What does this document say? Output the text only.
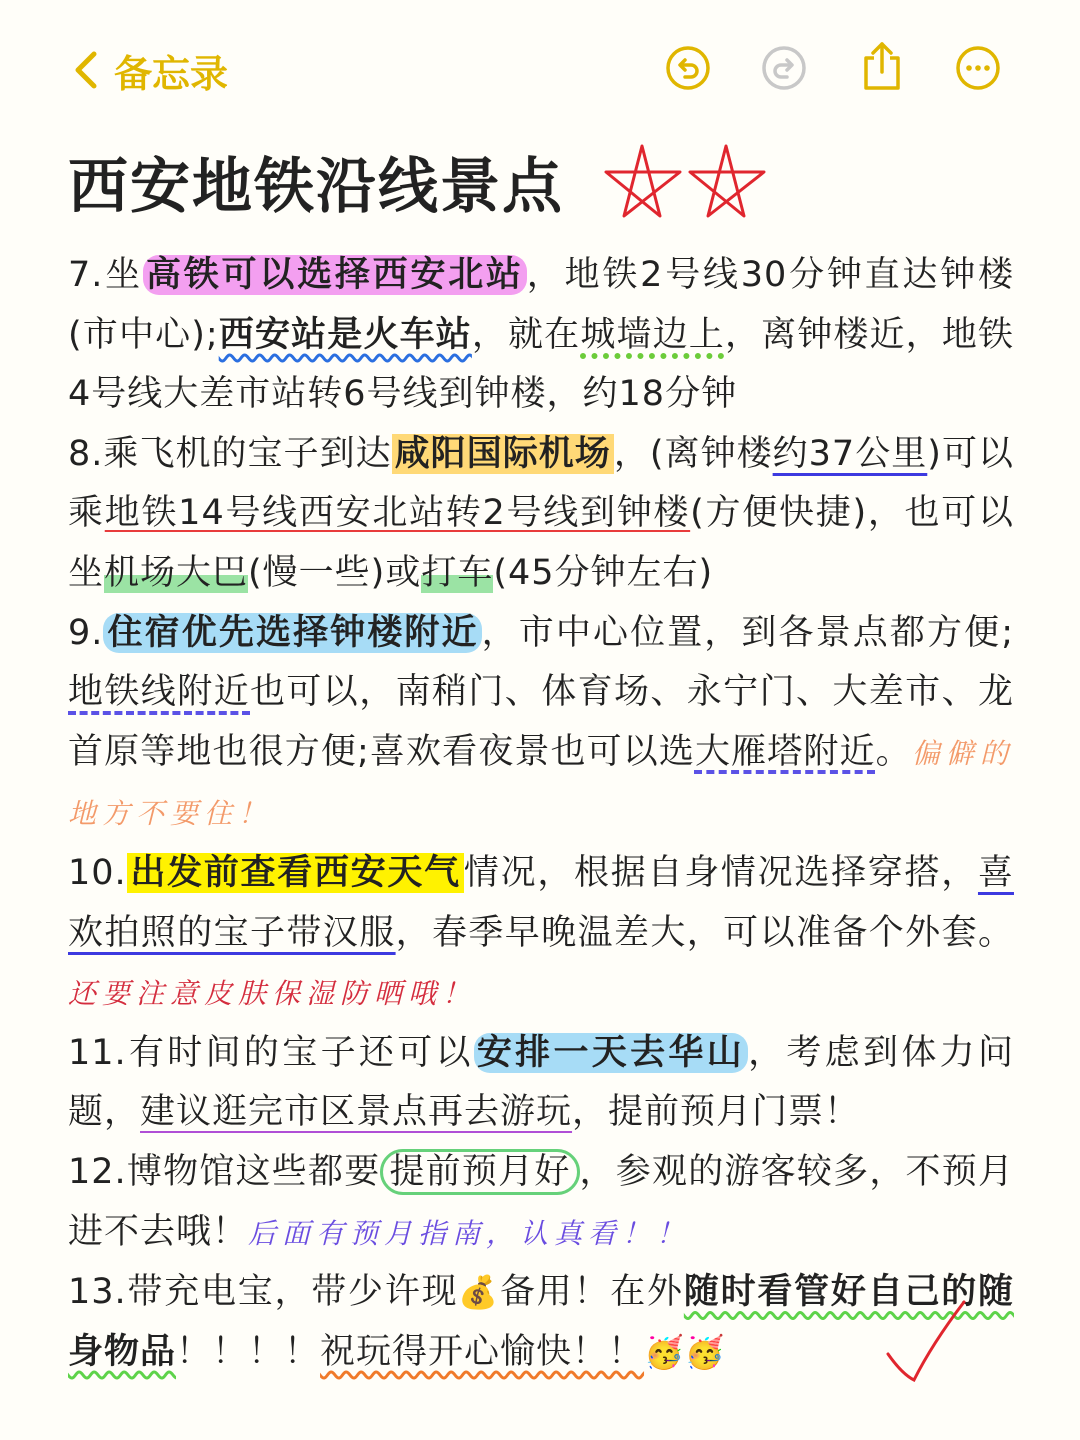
备忘录
西安地铁沿线景点

7.坐高铁可以选择西安北站，地铁2号线30分钟直达钟楼(市中心);西安站是火车站，就在城墙边上，离钟楼近，地铁4号线大差市站转6号线到钟楼，约18分钟

8.乘飞机的宝子到达咸阳国际机场，(离钟楼约37公里)可以乘地铁14号线西安北站转2号线到钟楼(方便快捷)，也可以坐机场大巴(慢一些)或打车(45分钟左右)

9.住宿优先选择钟楼附近，市中心位置，到各景点都方便;地铁线附近也可以，南稍门、体育场、永宁门、大差市、龙首原等地也很方便;喜欢看夜景也可以选大雁塔附近。偏僻的地方不要住！

10.出发前查看西安天气情况，根据自身情况选择穿搭，喜欢拍照的宝子带汉服，春季早晚温差大，可以准备个外套。还要注意皮肤保湿防晒哦！

11.有时间的宝子还可以安排一天去华山，考虑到体力问题，建议逛完市区景点再去游玩，提前预月门票！

12.博物馆这些都要 提前预月好 ，参观的游客较多，不预月进不去哦！后面有预月指南，认真看！！

13.带充电宝，带少许现💰备用！在外随时看管好自己的随身物品！！！！祝玩得开心愉快！！🥳🥳
